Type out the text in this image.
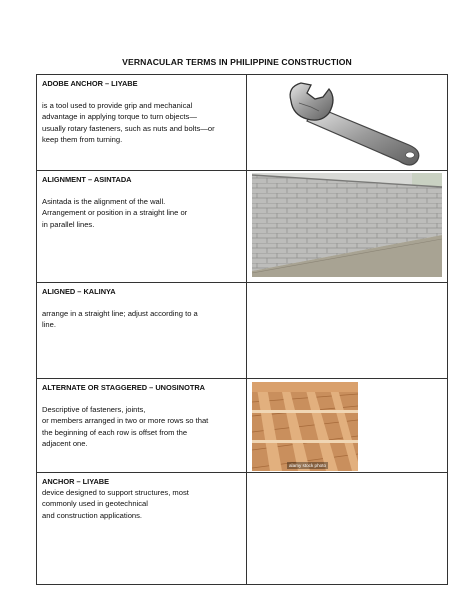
VERNACULAR TERMS IN PHILIPPINE CONSTRUCTION
ADOBE ANCHOR – LIYABE
is a tool used to provide grip and mechanical
advantage in applying torque to turn objects—
usually rotary fasteners, such as nuts and bolts—or
keep them from turning.

ALIGNMENT – ASINTADA
Asintada is the alignment of the wall.
Arrangement or position in a straight line or
in parallel lines.

ALIGNED – KALINYA
arrange in a straight line; adjust according to a
line.	

ALTERNATE OR STAGGERED – UNOSINOTRA
Descriptive of fasteners, joints,
or members arranged in two or more rows so that
the beginning of each row is offset from the
adjacent one.	alamy stock photo

ANCHOR – LIYABE
device designed to support structures, most
commonly used in geotechnical
and construction applications.	
